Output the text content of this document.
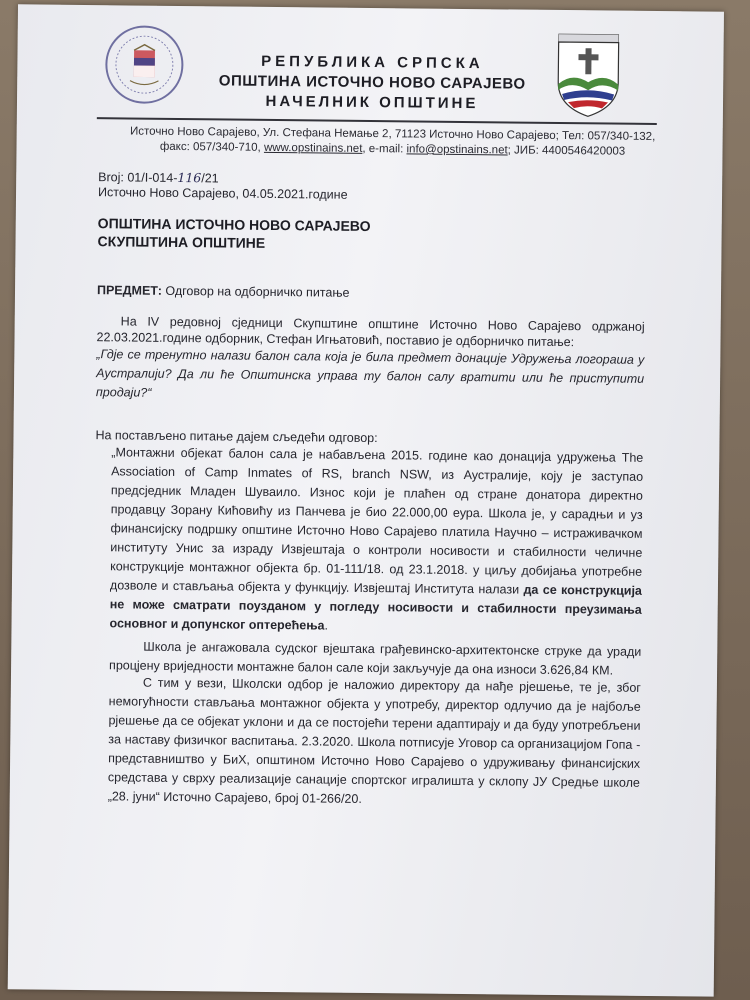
РЕПУБЛИКА СРПСКА
ОПШТИНА ИСТОЧНО НОВО САРАЈЕВО
НАЧЕЛНИК ОПШТИНЕ
Источно Ново Сарајево, Ул. Стефана Немање 2, 71123 Источно Ново Сарајево; Тел: 057/340-132,
факс: 057/340-710, www.opstinains.net, e-mail: info@opstinains.net; ЈИБ: 4400546420003
Broj: 01/I-014-116/21
Источно Ново Сарајево, 04.05.2021.године
ОПШТИНА ИСТОЧНО НОВО САРАЈЕВО
СКУПШТИНА ОПШТИНЕ
ПРЕДМЕТ: Одговор на одборничко питање
На IV редовној сједници Скупштине општине Источно Ново Сарајево одржаној 22.03.2021.године одборник, Стефан Игњатовић, поставио је одборничко питање:
„Гдје се тренутно налази балон сала која је била предмет донације Удружења логораша у Аустралији? Да ли ће Општинска управа ту балон салу вратити или ће приступити продаји?“
На постављено питање дајем сљедећи одговор:
„Монтажни објекат балон сала је набављена 2015. године као донација удружења The Association of Camp Inmates of RS, branch NSW, из Аустралије, коју је заступао предсједник Младен Шуваило. Износ који је плаћен од стране донатора директно продавцу Зорану Кићовићу из Панчева је био 22.000,00 еура. Школа је, у сарадњи и уз финансијску подршку општине Источно Ново Сарајево платила Научно – истраживачком институту Унис за израду Извјештаја о контроли носивости и стабилности челичне конструкције монтажног објекта бр. 01-111/18. од 23.1.2018. у циљу добијања употребне дозволе и стављања објекта у функцију. Извјештај Института налази да се конструкција не може сматрати поузданом у погледу носивости и стабилности преузимања основног и допунског оптерећења.
Школа је ангажовала судског вјештака грађевинско-архитектонске струке да уради процјену вриједности монтажне балон сале који закључује да она износи 3.626,84 КМ.
С тим у вези, Школски одбор је наложио директору да нађе рјешење, те је, због немогућности стављања монтажног објекта у употребу, директор одлучио да је најбоље рјешење да се објекат уклони и да се постојећи терени адаптирају и да буду употребљени за наставу физичког васпитања. 2.3.2020. Школа потписује Уговор са организацијом Гопа - представништво у БиХ, општином Источно Ново Сарајево о удруживању финансијских средстава у сврху реализације санације спортског игралишта у склопу ЈУ Средње школе „28. јуни“ Источно Сарајево, број 01-266/20.
